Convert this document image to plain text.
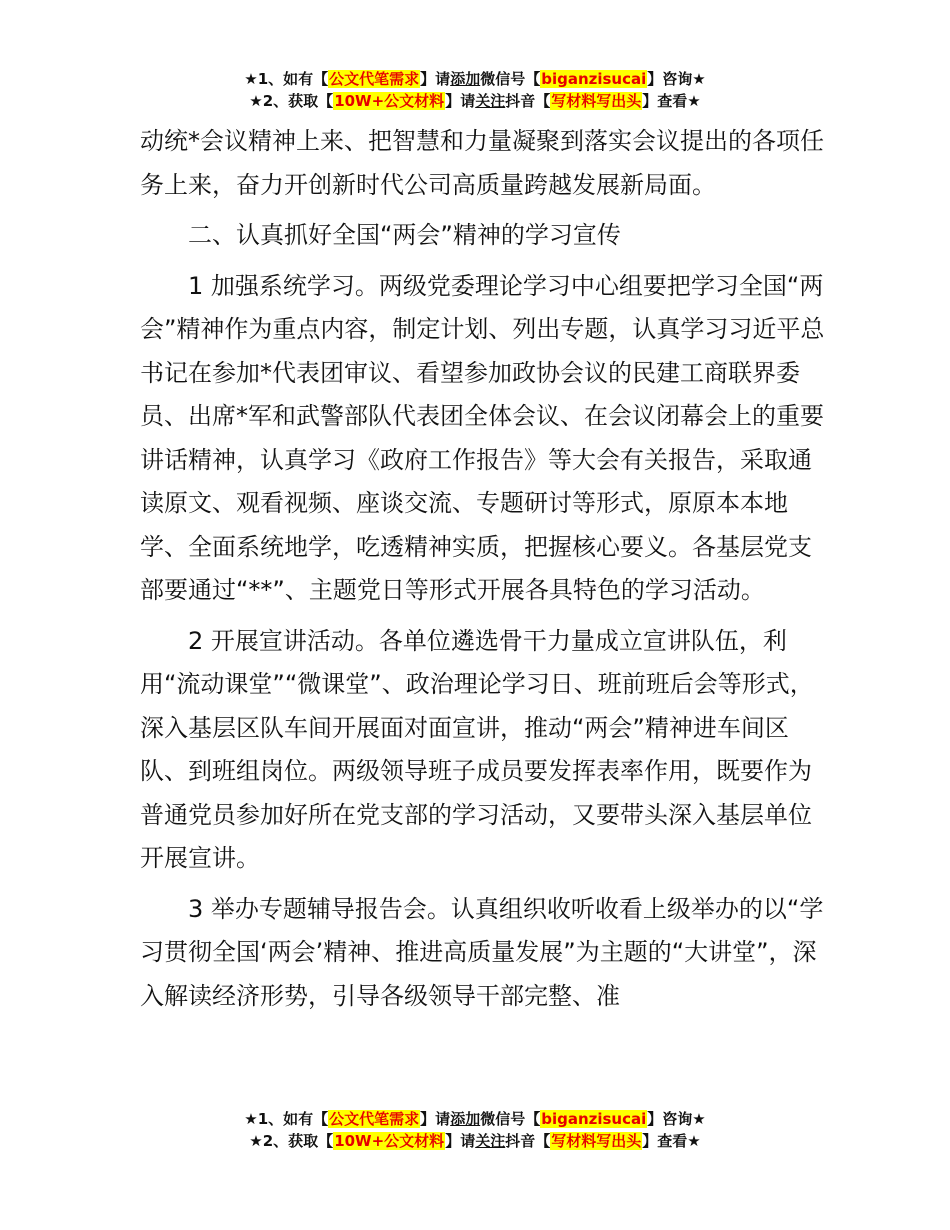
★1、如有【公文代笔需求】请添加微信号【biganzisucai】咨询★
★2、获取【10W+公文材料】请关注抖音【写材料写出头】查看★

动统*会议精神上来、把智慧和力量凝聚到落实会议提出的各项任务上来，奋力开创新时代公司高质量跨越发展新局面。

二、认真抓好全国“两会”精神的学习宣传

1 加强系统学习。两级党委理论学习中心组要把学习全国“两会”精神作为重点内容，制定计划、列出专题，认真学习习近平总书记在参加*代表团审议、看望参加政协会议的民建工商联界委员、出席*军和武警部队代表团全体会议、在会议闭幕会上的重要讲话精神，认真学习《政府工作报告》等大会有关报告，采取通读原文、观看视频、座谈交流、专题研讨等形式，原原本本地学、全面系统地学，吃透精神实质，把握核心要义。各基层党支部要通过“**”、主题党日等形式开展各具特色的学习活动。

2 开展宣讲活动。各单位遴选骨干力量成立宣讲队伍，利用“流动课堂”“微课堂”、政治理论学习日、班前班后会等形式，深入基层区队车间开展面对面宣讲，推动“两会”精神进车间区队、到班组岗位。两级领导班子成员要发挥表率作用，既要作为普通党员参加好所在党支部的学习活动，又要带头深入基层单位开展宣讲。

3 举办专题辅导报告会。认真组织收听收看上级举办的以“学习贯彻全国‘两会’精神、推进高质量发展”为主题的“大讲堂”，深入解读经济形势，引导各级领导干部完整、准

★1、如有【公文代笔需求】请添加微信号【biganzisucai】咨询★
★2、获取【10W+公文材料】请关注抖音【写材料写出头】查看★
